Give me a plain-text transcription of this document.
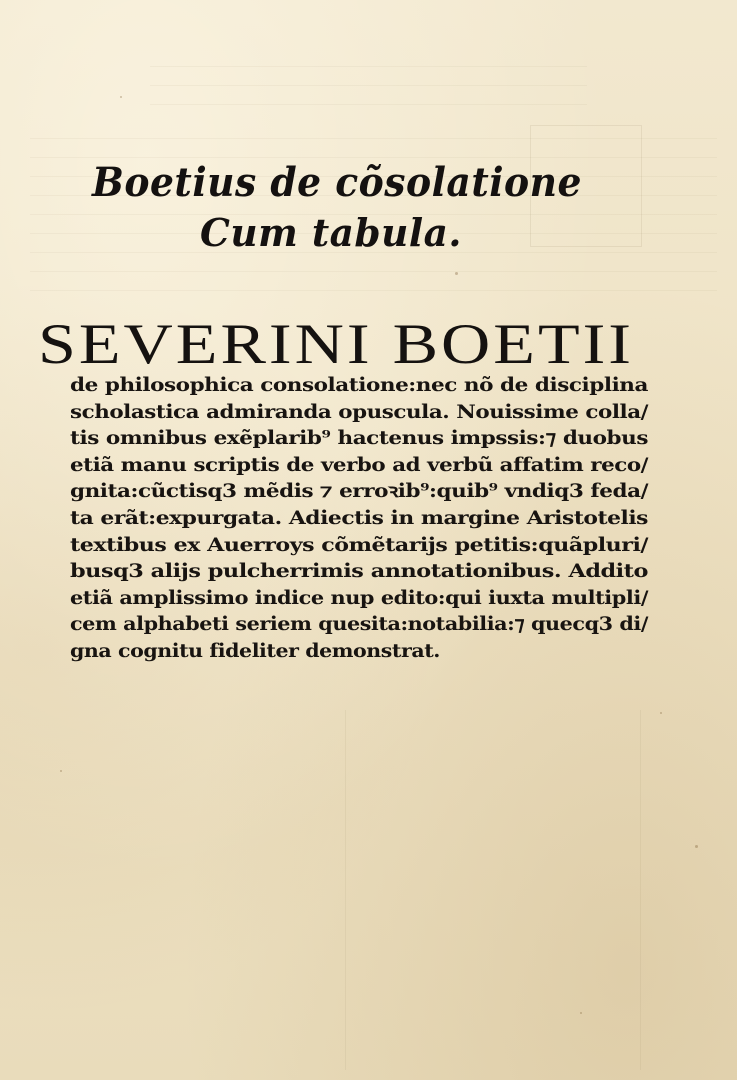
Boetius de cõsolatione
Cum tabula.
SEVERINI BOETII
de philosophica consolatione:nec nõ de disciplina
scholastica admiranda opuscula. Nouissime colla/
tis omnibus exẽplarib⁹ hactenus impssis:⁊ duobus
etiã manu scriptis de verbo ad verbũ affatim reco/
gnita:cũctisq3 mẽdis ⁊ erroꝛib⁹:quib⁹ vndiq3 feda/
ta erãt:expurgata. Adiectis in margine Aristotelis
textibus ex Auerroys cõmẽtarijs petitis:quãpluri/
busq3 alijs pulcherrimis annotationibus. Addito
etiã amplissimo indice nup edito:qui iuxta multipli/
cem alphabeti seriem quesita:notabilia:⁊ quecq3 di/
gna cognitu fideliter demonstrat.
